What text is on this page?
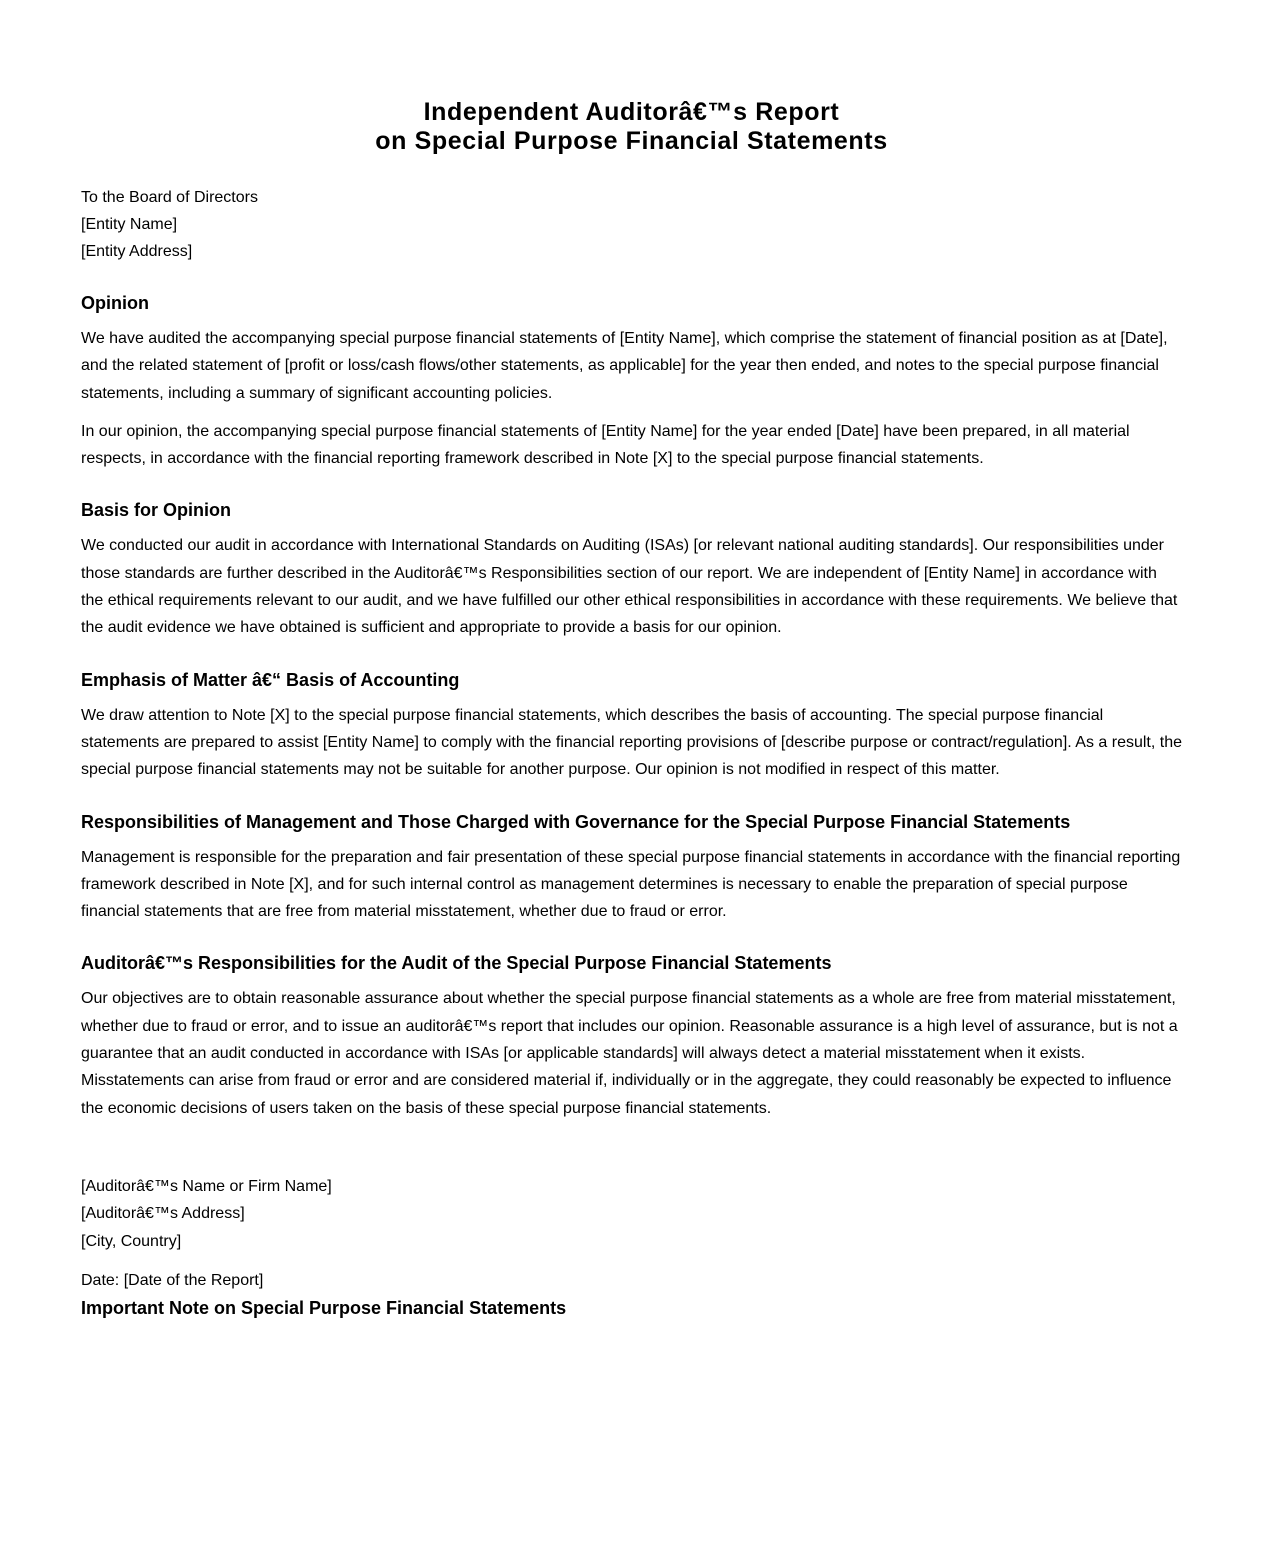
Independent Auditorâ€™s Report
on Special Purpose Financial Statements
To the Board of Directors
[Entity Name]
[Entity Address]
Opinion

We have audited the accompanying special purpose financial statements of [Entity Name], which comprise the statement of financial position as at [Date], and the related statement of [profit or loss/cash flows/other statements, as applicable] for the year then ended, and notes to the special purpose financial statements, including a summary of significant accounting policies.

In our opinion, the accompanying special purpose financial statements of [Entity Name] for the year ended [Date] have been prepared, in all material respects, in accordance with the financial reporting framework described in Note [X] to the special purpose financial statements.

Basis for Opinion

We conducted our audit in accordance with International Standards on Auditing (ISAs) [or relevant national auditing standards]. Our responsibilities under those standards are further described in the Auditorâ€™s Responsibilities section of our report. We are independent of [Entity Name] in accordance with the ethical requirements relevant to our audit, and we have fulfilled our other ethical responsibilities in accordance with these requirements. We believe that the audit evidence we have obtained is sufficient and appropriate to provide a basis for our opinion.

Emphasis of Matter â€“ Basis of Accounting

We draw attention to Note [X] to the special purpose financial statements, which describes the basis of accounting. The special purpose financial statements are prepared to assist [Entity Name] to comply with the financial reporting provisions of [describe purpose or contract/regulation]. As a result, the special purpose financial statements may not be suitable for another purpose. Our opinion is not modified in respect of this matter.

Responsibilities of Management and Those Charged with Governance for the Special Purpose Financial Statements

Management is responsible for the preparation and fair presentation of these special purpose financial statements in accordance with the financial reporting framework described in Note [X], and for such internal control as management determines is necessary to enable the preparation of special purpose financial statements that are free from material misstatement, whether due to fraud or error.

Auditorâ€™s Responsibilities for the Audit of the Special Purpose Financial Statements

Our objectives are to obtain reasonable assurance about whether the special purpose financial statements as a whole are free from material misstatement, whether due to fraud or error, and to issue an auditorâ€™s report that includes our opinion. Reasonable assurance is a high level of assurance, but is not a guarantee that an audit conducted in accordance with ISAs [or applicable standards] will always detect a material misstatement when it exists. Misstatements can arise from fraud or error and are considered material if, individually or in the aggregate, they could reasonably be expected to influence the economic decisions of users taken on the basis of these special purpose financial statements.

[Auditorâ€™s Name or Firm Name]
[Auditorâ€™s Address]
[City, Country]
Date: [Date of the Report]
Important Note on Special Purpose Financial Statements
